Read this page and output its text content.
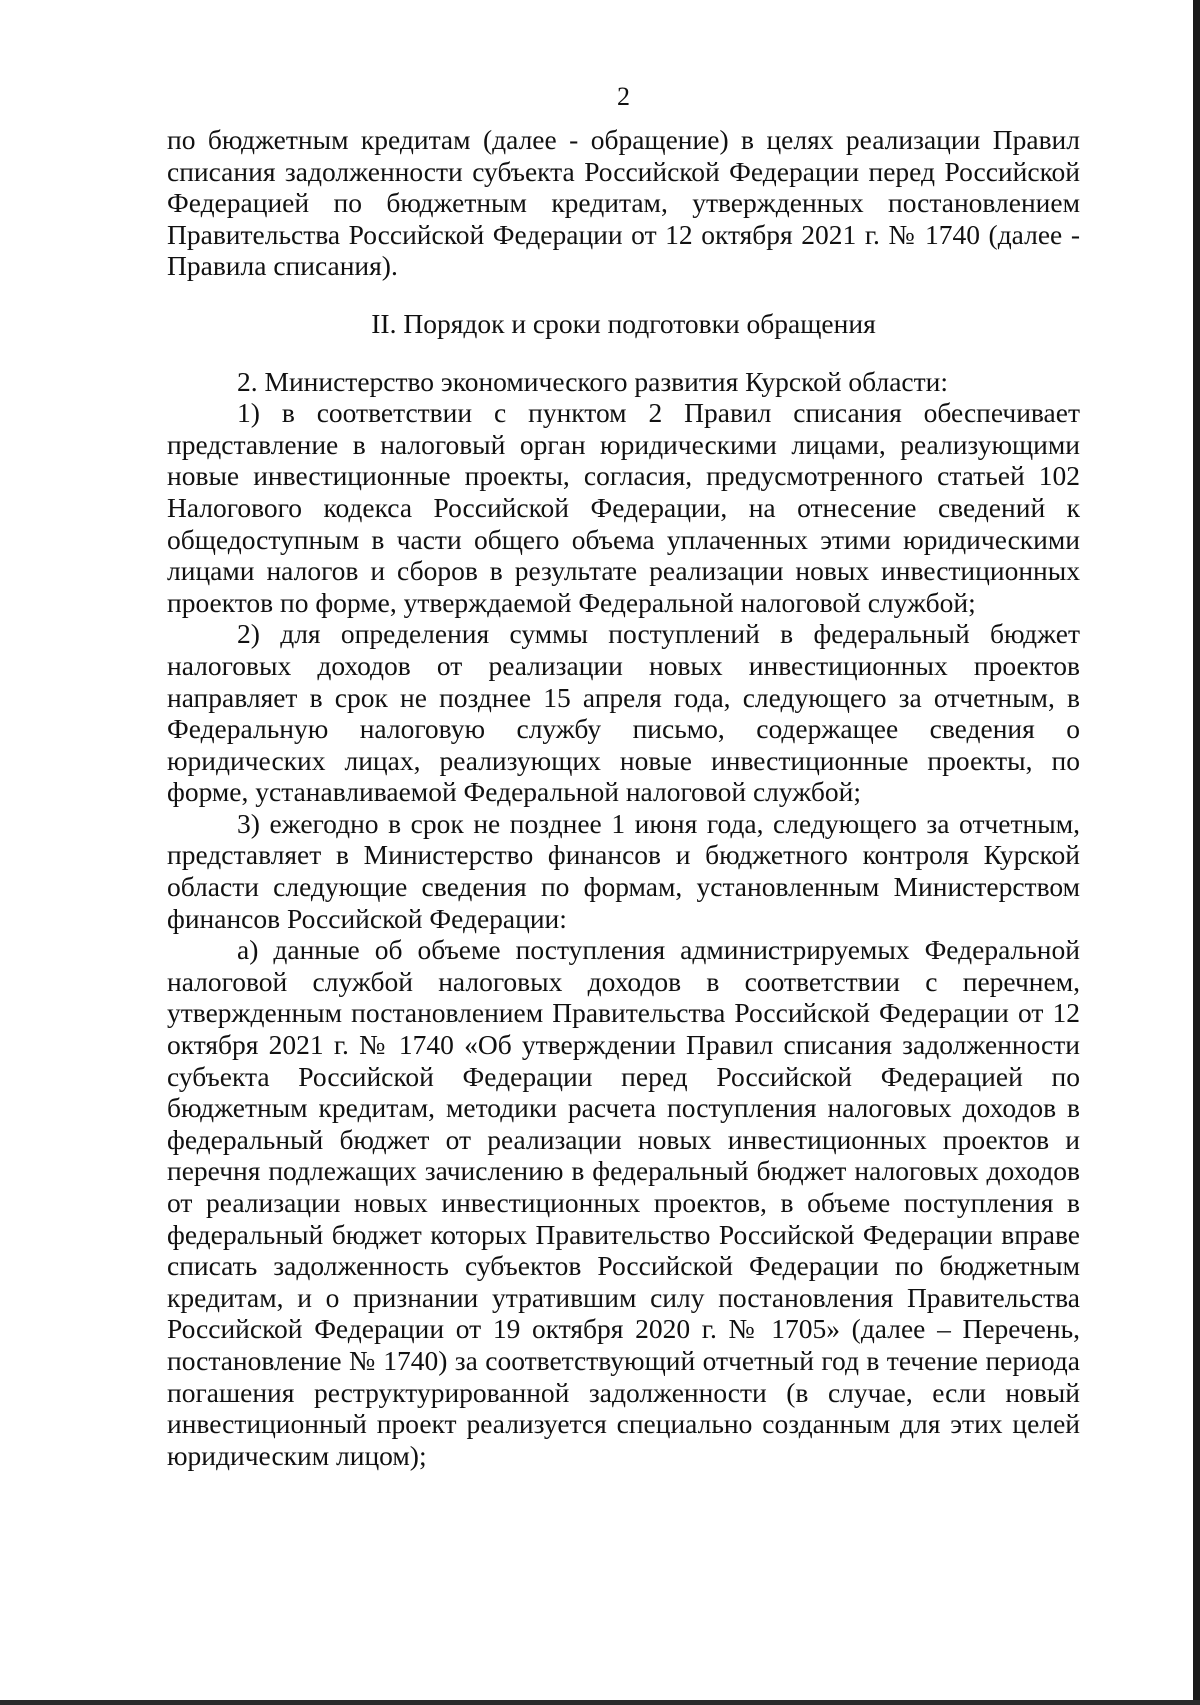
2

по бюджетным кредитам (далее - обращение) в целях реализации Правил списания задолженности субъекта Российской Федерации перед Российской Федерацией по бюджетным кредитам, утвержденных постановлением Правительства Российской Федерации от 12 октября 2021 г. № 1740 (далее - Правила списания).

II. Порядок и сроки подготовки обращения

2. Министерство экономического развития Курской области:

1) в соответствии с пунктом 2 Правил списания обеспечивает представление в налоговый орган юридическими лицами, реализующими новые инвестиционные проекты, согласия, предусмотренного статьей 102 Налогового кодекса Российской Федерации, на отнесение сведений к общедоступным в части общего объема уплаченных этими юридическими лицами налогов и сборов в результате реализации новых инвестиционных проектов по форме, утверждаемой Федеральной налоговой службой;

2) для определения суммы поступлений в федеральный бюджет налоговых доходов от реализации новых инвестиционных проектов направляет в срок не позднее 15 апреля года, следующего за отчетным, в Федеральную налоговую службу письмо, содержащее сведения о юридических лицах, реализующих новые инвестиционные проекты, по форме, устанавливаемой Федеральной налоговой службой;

3) ежегодно в срок не позднее 1 июня года, следующего за отчетным, представляет в Министерство финансов и бюджетного контроля Курской области следующие сведения по формам, установленным Министерством финансов Российской Федерации:

а) данные об объеме поступления администрируемых Федеральной налоговой службой налоговых доходов в соответствии с перечнем, утвержденным постановлением Правительства Российской Федерации от 12 октября 2021 г. № 1740 «Об утверждении Правил списания задолженности субъекта Российской Федерации перед Российской Федерацией по бюджетным кредитам, методики расчета поступления налоговых доходов в федеральный бюджет от реализации новых инвестиционных проектов и перечня подлежащих зачислению в федеральный бюджет налоговых доходов от реализации новых инвестиционных проектов, в объеме поступления в федеральный бюджет которых Правительство Российской Федерации вправе списать задолженность субъектов Российской Федерации по бюджетным кредитам, и о признании утратившим силу постановления Правительства Российской Федерации от 19 октября 2020 г. № 1705» (далее – Перечень, постановление № 1740) за соответствующий отчетный год в течение периода погашения реструктурированной задолженности (в случае, если новый инвестиционный проект реализуется специально созданным для этих целей юридическим лицом);
